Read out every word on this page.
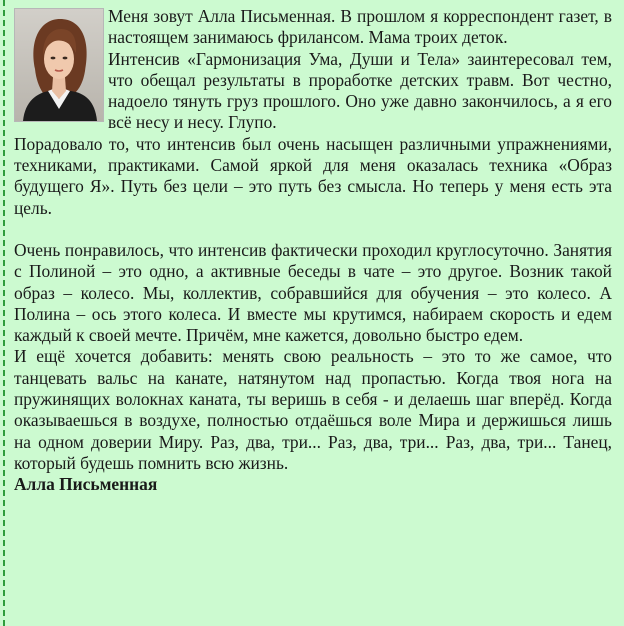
Меня зовут Алла Письменная. В прошлом я корреспондент газет, в настоящем занимаюсь фрилансом. Мама троих деток.

Интенсив «Гармонизация Ума, Души и Тела» заинтересовал тем, что обещал результаты в проработке детских травм. Вот честно, надоело тянуть груз прошлого. Оно уже давно закончилось, а я его всё несу и несу. Глупо.

Порадовало то, что интенсив был очень насыщен различными упражнениями, техниками, практиками. Самой яркой для меня оказалась техника «Образ будущего Я». Путь без цели – это путь без смысла. Но теперь у меня есть эта цель.

Очень понравилось, что интенсив фактически проходил круглосуточно. Занятия с Полиной – это одно, а активные беседы в чате – это другое. Возник такой образ – колесо. Мы, коллектив, собравшийся для обучения – это колесо. А Полина – ось этого колеса. И вместе мы крутимся, набираем скорость и едем каждый к своей мечте. Причём, мне кажется, довольно быстро едем.

И ещё хочется добавить: менять свою реальность – это то же самое, что танцевать вальс на канате, натянутом над пропастью. Когда твоя нога на пружинящих волокнах каната, ты веришь в себя - и делаешь шаг вперёд. Когда оказываешься в воздухе, полностью отдаёшься воле Мира и держишься лишь на одном доверии Миру. Раз, два, три... Раз, два, три... Раз, два, три... Танец, который будешь помнить всю жизнь.

Алла Письменная
